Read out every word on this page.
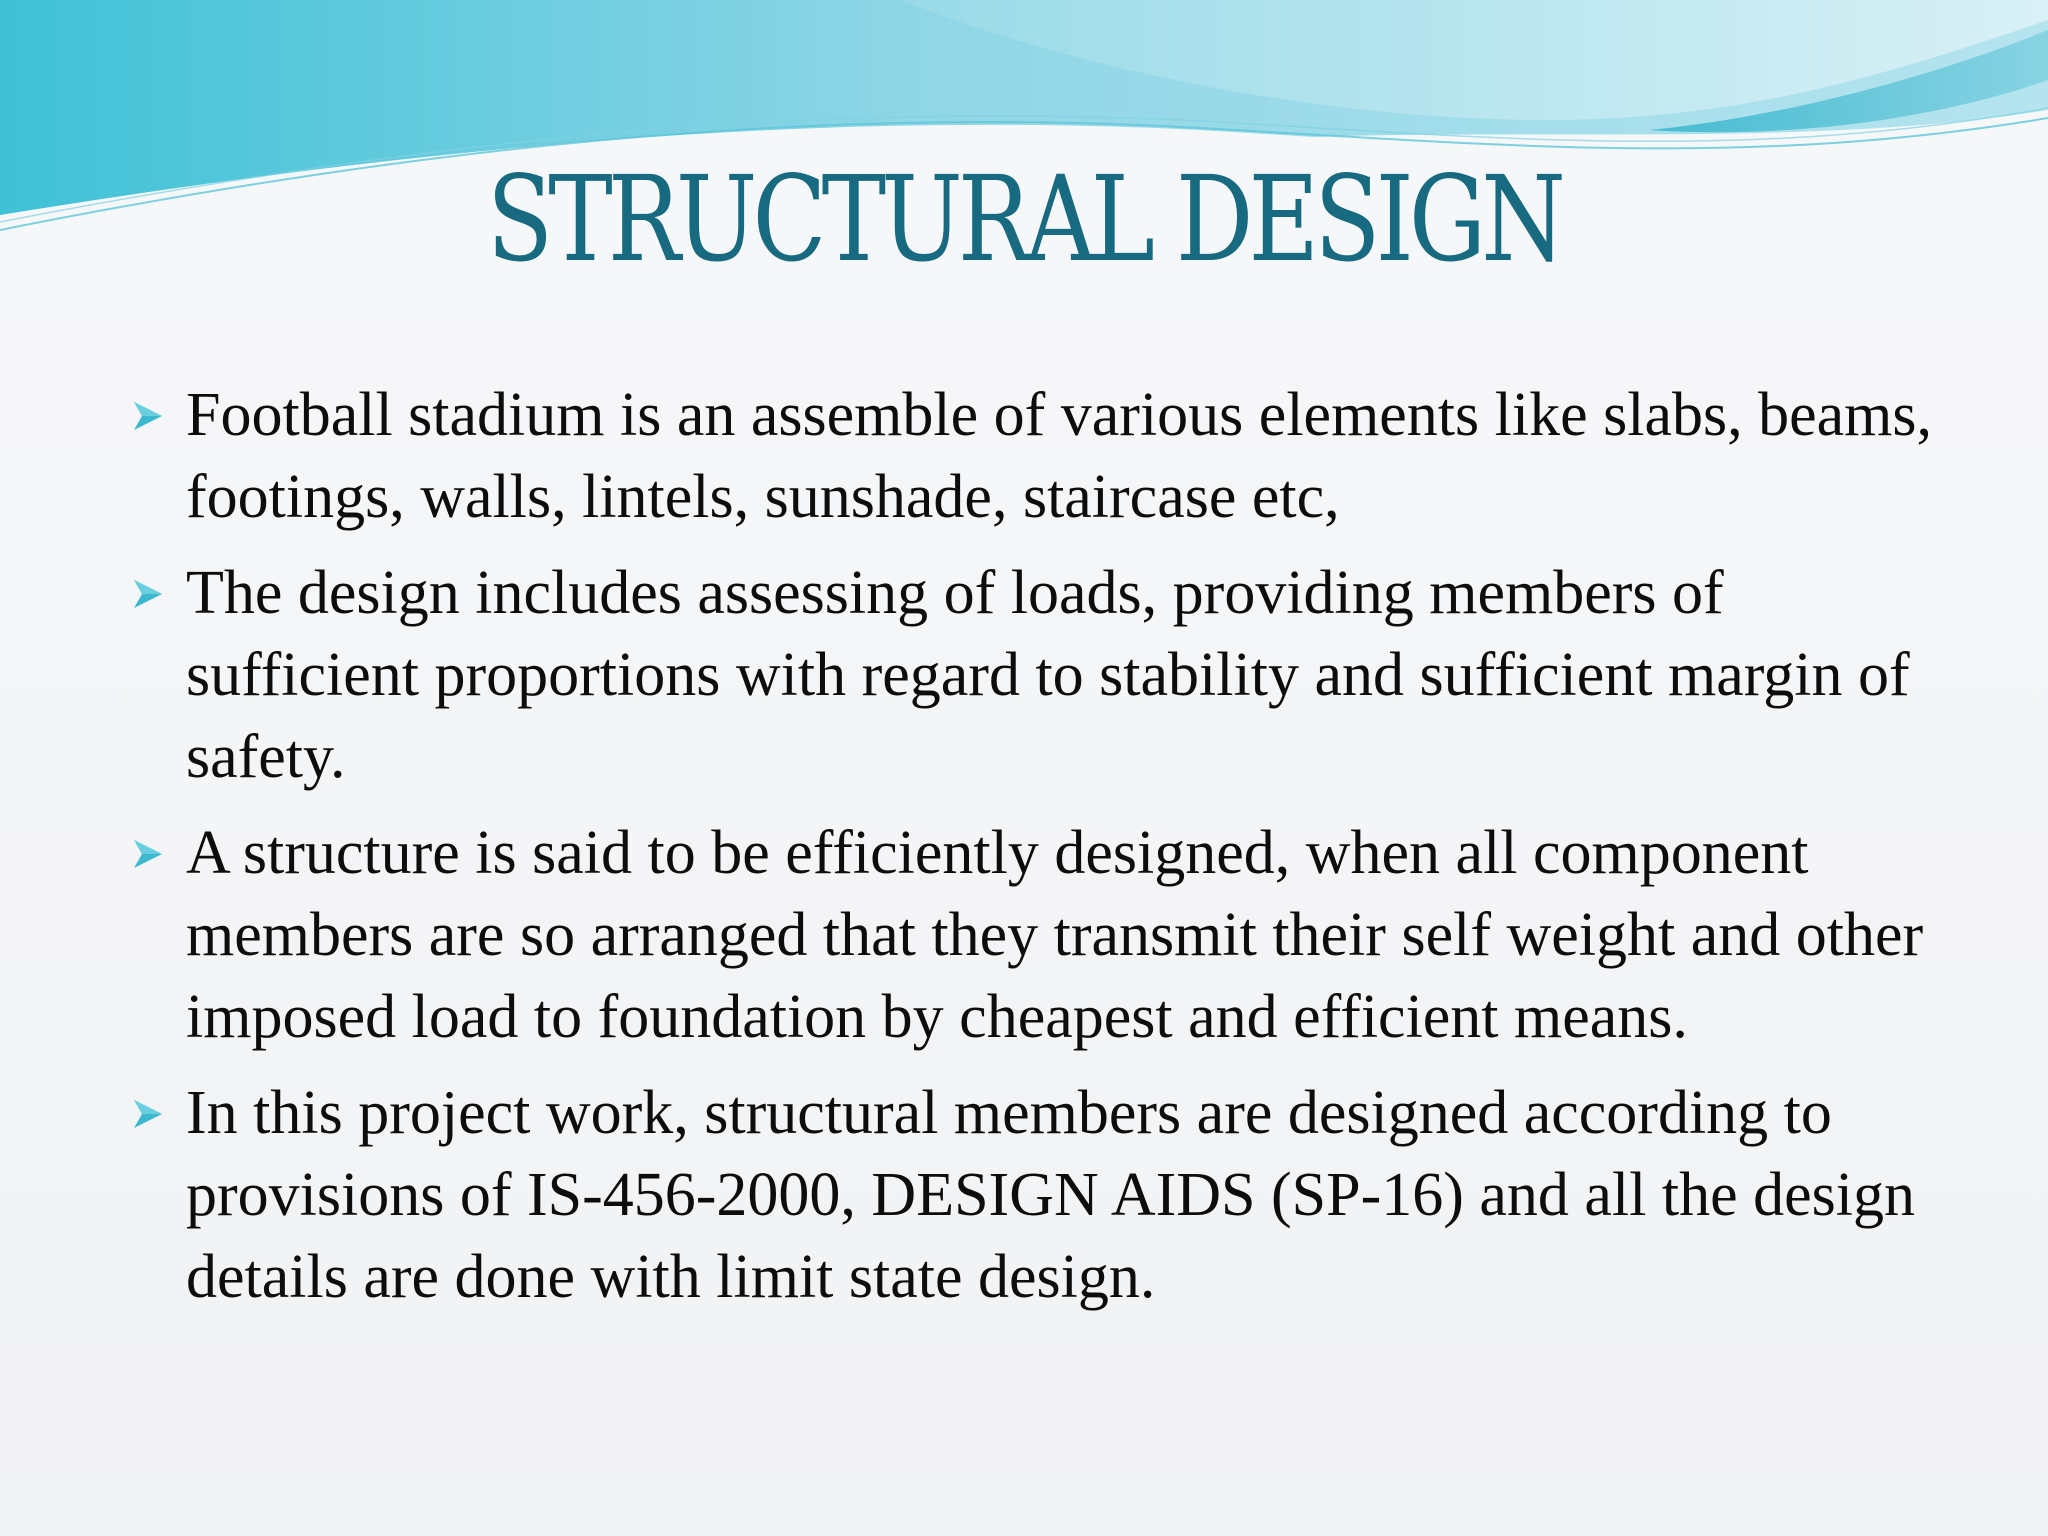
STRUCTURAL DESIGN
Football stadium is an assemble of various elements like slabs, beams, footings, walls, lintels, sunshade, staircase etc,
The design includes assessing of loads, providing members of sufficient proportions with regard to stability and sufficient margin of safety.
A structure is said to be efficiently designed, when all component members are so arranged that they transmit their self weight and other imposed load to foundation by cheapest and efficient means.
In this project work, structural members are designed according to provisions of IS-456-2000, DESIGN AIDS (SP-16) and all the design details are done with limit state design.
